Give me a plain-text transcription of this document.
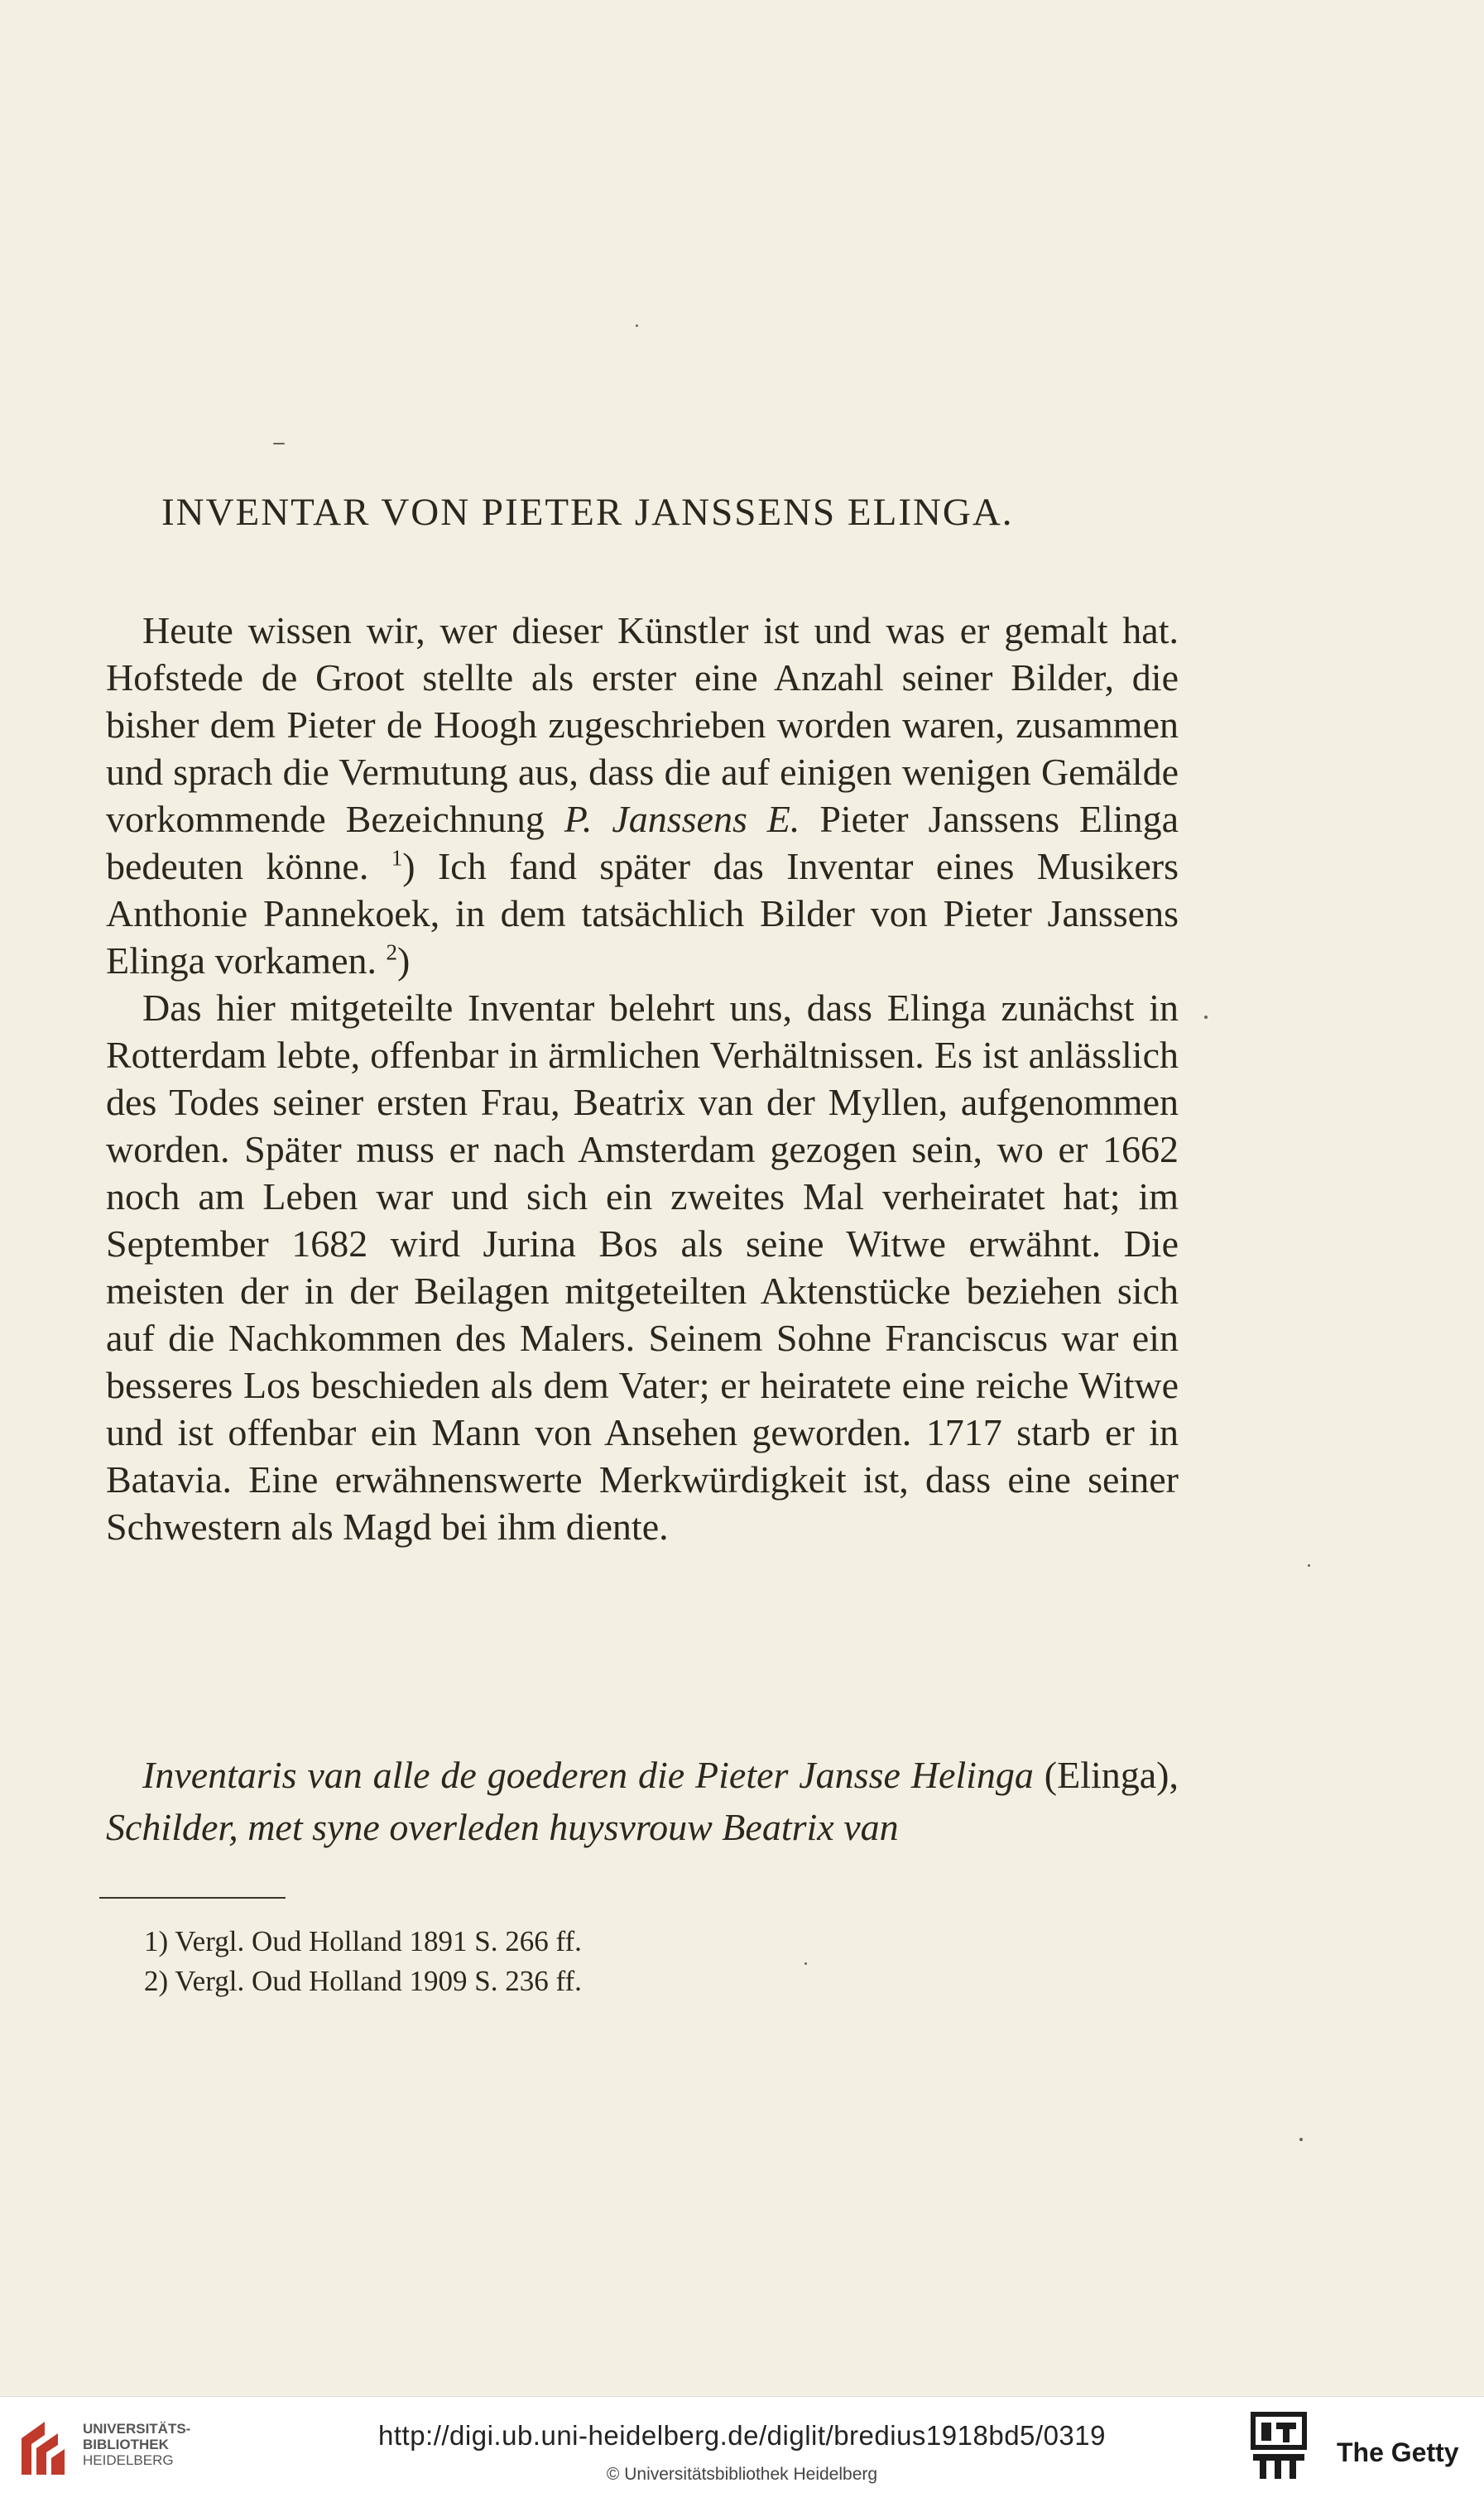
INVENTAR VON PIETER JANSSENS ELINGA.

Heute wissen wir, wer dieser Künstler ist und was er gemalt hat. Hofstede de Groot stellte als erster eine Anzahl seiner Bilder, die bisher dem Pieter de Hoogh zugeschrieben worden waren, zusammen und sprach die Vermutung aus, dass die auf einigen wenigen Gemälde vorkommende Bezeichnung P. Janssens E. Pieter Janssens Elinga bedeuten könne. $^1$) Ich fand später das Inventar eines Musikers Anthonie Pannekoek, in dem tatsächlich Bilder von Pieter Janssens Elinga vorkamen. $^2$)

Das hier mitgeteilte Inventar belehrt uns, dass Elinga zunächst in Rotterdam lebte, offenbar in ärmlichen Verhältnissen. Es ist anlässlich des Todes seiner ersten Frau, Beatrix van der Myllen, aufgenommen worden. Später muss er nach Amsterdam gezogen sein, wo er 1662 noch am Leben war und sich ein zweites Mal verheiratet hat; im September 1682 wird Jurina Bos als seine Witwe erwähnt. Die meisten der in der Beilagen mitgeteilten Aktenstücke beziehen sich auf die Nachkommen des Malers. Seinem Sohne Franciscus war ein besseres Los beschieden als dem Vater; er heiratete eine reiche Witwe und ist offenbar ein Mann von Ansehen geworden. 1717 starb er in Batavia. Eine erwähnenswerte Merkwürdigkeit ist, dass eine seiner Schwestern als Magd bei ihm diente.

Inventaris van alle de goederen die Pieter Jansse Helinga (Elinga), Schilder, met syne overleden huysvrouw Beatrix van
1) Vergl. Oud Holland 1891 S. 266 ff.
2) Vergl. Oud Holland 1909 S. 236 ff.
UNIVERSITÄTS-
BIBLIOTHEK
HEIDELBERG
http://digi.ub.uni-heidelberg.de/diglit/bredius1918bd5/0319
© Universitätsbibliothek Heidelberg
The Getty
